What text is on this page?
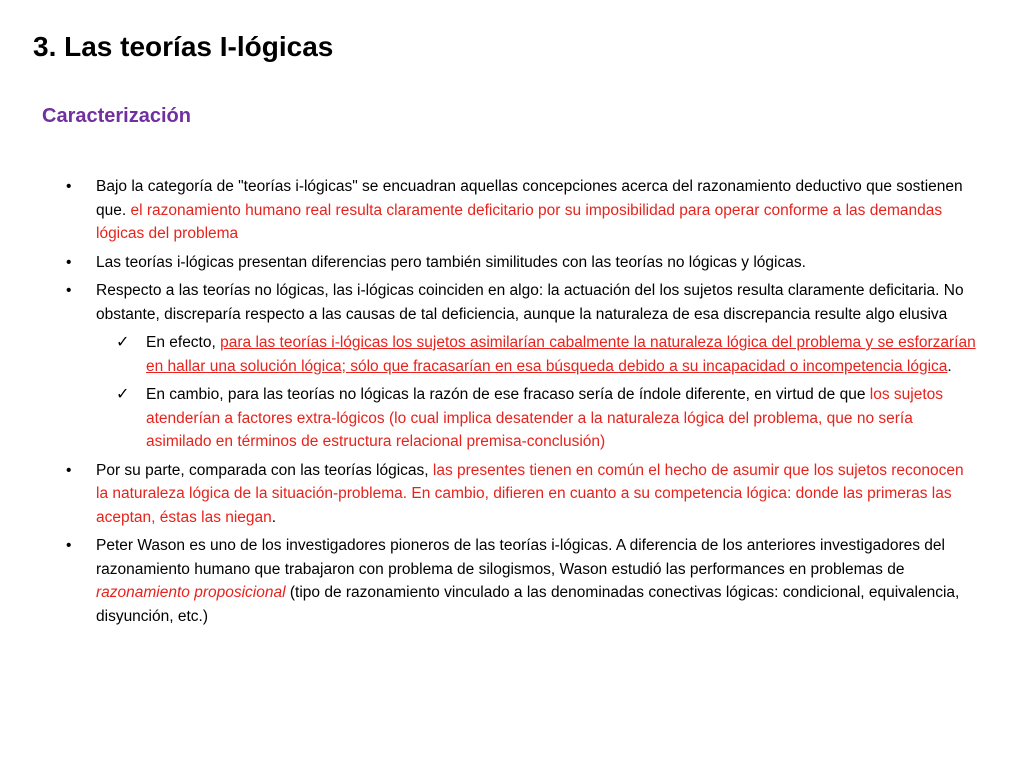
3. Las teorías I-lógicas
Caracterización

• Bajo la categoría de "teorías i-lógicas" se encuadran aquellas concepciones acerca del razonamiento deductivo que sostienen que. el razonamiento humano real resulta claramente deficitario por su imposibilidad para operar conforme a las demandas lógicas del problema

• Las teorías i-lógicas presentan diferencias pero también similitudes con las teorías no lógicas y lógicas.

• Respecto a las teorías no lógicas, las i-lógicas coinciden en algo: la actuación del los sujetos resulta claramente deficitaria. No obstante, discreparía respecto a las causas de tal deficiencia, aunque la naturaleza de esa discrepancia resulte algo elusiva

✓ En efecto, para las teorías i-lógicas los sujetos asimilarían cabalmente la naturaleza lógica del problema y se esforzarían en hallar una solución lógica; sólo que fracasarían en esa búsqueda debido a su incapacidad o incompetencia lógica.

✓ En cambio, para las teorías no lógicas la razón de ese fracaso sería de índole diferente, en virtud de que los sujetos atenderían a factores extra-lógicos (lo cual implica desatender a la naturaleza lógica del problema, que no sería asimilado en términos de estructura relacional premisa-conclusión)

• Por su parte, comparada con las teorías lógicas, las presentes tienen en común el hecho de asumir que los sujetos reconocen la naturaleza lógica de la situación-problema. En cambio, difieren en cuanto a su competencia lógica: donde las primeras las aceptan, éstas las niegan.

• Peter Wason es uno de los investigadores pioneros de las teorías i-lógicas. A diferencia de los anteriores investigadores del razonamiento humano que trabajaron con problema de silogismos, Wason estudió las performances en problemas de razonamiento proposicional (tipo de razonamiento vinculado a las denominadas conectivas lógicas: condicional, equivalencia, disyunción, etc.)
